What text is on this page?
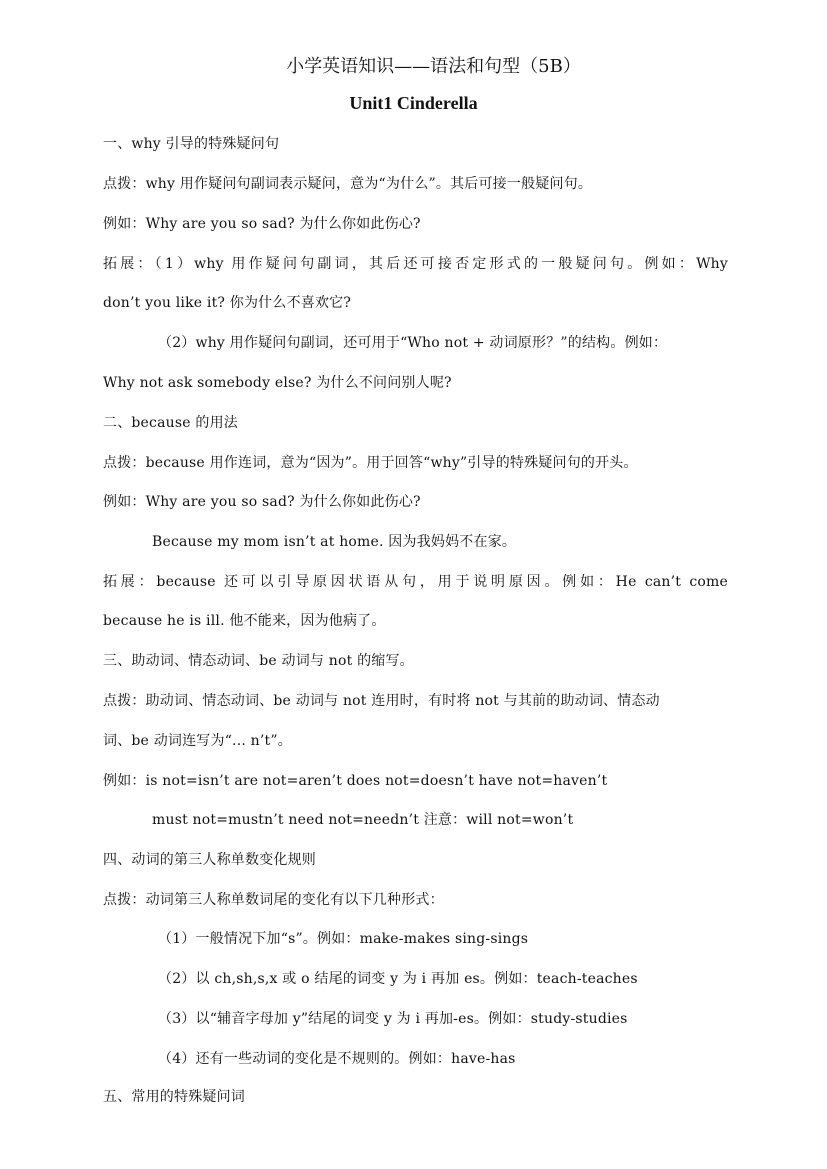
小学英语知识——语法和句型（5B）
Unit1 Cinderella
一、why 引导的特殊疑问句
点拨：why 用作疑问句副词表示疑问，意为“为什么”。其后可接一般疑问句。
例如：Why are you so sad? 为什么你如此伤心?
拓展：（1）why 用作疑问句副词，其后还可接否定形式的一般疑问句。例如：Why
don’t you like it? 你为什么不喜欢它?
（2）why 用作疑问句副词，还可用于“Who not + 动词原形？”的结构。例如：
Why not ask somebody else? 为什么不问问别人呢?
二、because 的用法
点拨：because 用作连词，意为“因为”。用于回答“why”引导的特殊疑问句的开头。
例如：Why are you so sad? 为什么你如此伤心?
Because my mom isn’t at home. 因为我妈妈不在家。
拓展：because 还可以引导原因状语从句，用于说明原因。例如：He can’t come
because he is ill. 他不能来，因为他病了。
三、助动词、情态动词、be 动词与 not 的缩写。
点拨：助动词、情态动词、be 动词与 not 连用时，有时将 not 与其前的助动词、情态动
词、be 动词连写为“... n’t”。
例如：is not=isn’t are not=aren’t does not=doesn’t have not=haven’t
must not=mustn’t need not=needn’t 注意：will not=won’t
四、动词的第三人称单数变化规则
点拨：动词第三人称单数词尾的变化有以下几种形式：
（1）一般情况下加“s”。例如：make-makes sing-sings
（2）以 ch,sh,s,x 或 o 结尾的词变 y 为 i 再加 es。例如：teach-teaches
（3）以“辅音字母加 y”结尾的词变 y 为 i 再加-es。例如：study-studies
（4）还有一些动词的变化是不规则的。例如：have-has
五、常用的特殊疑问词
